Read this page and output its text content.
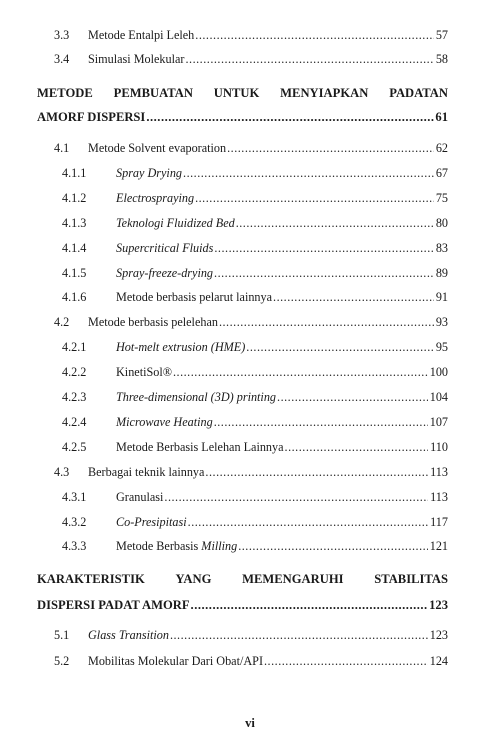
3.3 Metode Entalpi Leleh .....	57
3.4 Simulasi Molekular .....	58
METODE PEMBUATAN UNTUK MENYIAPKAN PADATAN
AMORF DISPERSI .....	61
4.1 Metode Solvent evaporation .....	62
4.1.1 Spray Drying .....	67
4.1.2 Electrospraying .....	75
4.1.3 Teknologi Fluidized Bed .....	80
4.1.4 Supercritical Fluids .....	83
4.1.5 Spray-freeze-drying .....	89
4.1.6 Metode berbasis pelarut lainnya .....	91
4.2 Metode berbasis pelelehan .....	93
4.2.1 Hot-melt extrusion (HME) .....	95
4.2.2 KinetiSol® .....	100
4.2.3 Three-dimensional (3D) printing .....	104
4.2.4 Microwave Heating .....	107
4.2.5 Metode Berbasis Lelehan Lainnya .....	110
4.3 Berbagai teknik lainnya .....	113
4.3.1 Granulasi .....	113
4.3.2 Co-Presipitasi .....	117
4.3.3 Metode Berbasis Milling .....	121
KARAKTERISTIK YANG MEMENGARUHI STABILITAS
DISPERSI PADAT AMORF .....	123
5.1 Glass Transition .....	123
5.2 Mobilitas Molekular Dari Obat/API .....	124
vi
